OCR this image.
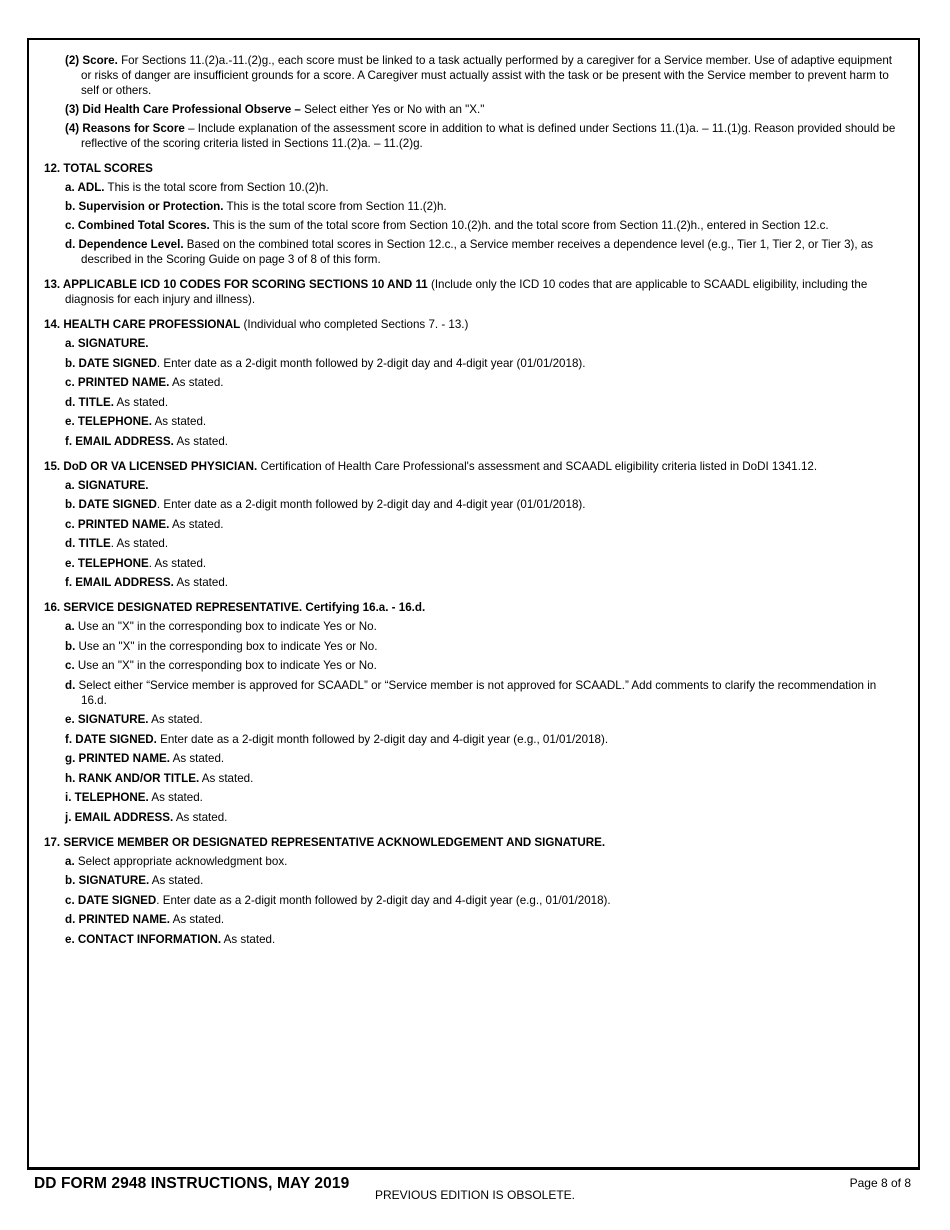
(2) Score. For Sections 11.(2)a.-11.(2)g., each score must be linked to a task actually performed by a caregiver for a Service member. Use of adaptive equipment or risks of danger are insufficient grounds for a score. A Caregiver must actually assist with the task or be present with the Service member to prevent harm to self or others.
(3) Did Health Care Professional Observe – Select either Yes or No with an "X."
(4) Reasons for Score – Include explanation of the assessment score in addition to what is defined under Sections 11.(1)a. – 11.(1)g. Reason provided should be reflective of the scoring criteria listed in Sections 11.(2)a. – 11.(2)g.
12. TOTAL SCORES
a. ADL. This is the total score from Section 10.(2)h.
b. Supervision or Protection. This is the total score from Section 11.(2)h.
c. Combined Total Scores. This is the sum of the total score from Section 10.(2)h. and the total score from Section 11.(2)h., entered in Section 12.c.
d. Dependence Level. Based on the combined total scores in Section 12.c., a Service member receives a dependence level (e.g., Tier 1, Tier 2, or Tier 3), as described in the Scoring Guide on page 3 of 8 of this form.
13. APPLICABLE ICD 10 CODES FOR SCORING SECTIONS 10 AND 11 (Include only the ICD 10 codes that are applicable to SCAADL eligibility, including the diagnosis for each injury and illness).
14. HEALTH CARE PROFESSIONAL (Individual who completed Sections 7. - 13.)
a. SIGNATURE.
b. DATE SIGNED. Enter date as a 2-digit month followed by 2-digit day and 4-digit year (01/01/2018).
c. PRINTED NAME. As stated.
d. TITLE. As stated.
e. TELEPHONE. As stated.
f. EMAIL ADDRESS. As stated.
15. DoD OR VA LICENSED PHYSICIAN. Certification of Health Care Professional's assessment and SCAADL eligibility criteria listed in DoDI 1341.12.
a. SIGNATURE.
b. DATE SIGNED. Enter date as a 2-digit month followed by 2-digit day and 4-digit year (01/01/2018).
c. PRINTED NAME. As stated.
d. TITLE. As stated.
e. TELEPHONE. As stated.
f. EMAIL ADDRESS. As stated.
16. SERVICE DESIGNATED REPRESENTATIVE. Certifying 16.a. - 16.d.
a. Use an "X" in the corresponding box to indicate Yes or No.
b. Use an "X" in the corresponding box to indicate Yes or No.
c. Use an "X" in the corresponding box to indicate Yes or No.
d. Select either “Service member is approved for SCAADL” or “Service member is not approved for SCAADL.” Add comments to clarify the recommendation in 16.d.
e. SIGNATURE. As stated.
f. DATE SIGNED. Enter date as a 2-digit month followed by 2-digit day and 4-digit year (e.g., 01/01/2018).
g. PRINTED NAME. As stated.
h. RANK AND/OR TITLE. As stated.
i. TELEPHONE. As stated.
j. EMAIL ADDRESS. As stated.
17. SERVICE MEMBER OR DESIGNATED REPRESENTATIVE ACKNOWLEDGEMENT AND SIGNATURE.
a. Select appropriate acknowledgment box.
b. SIGNATURE. As stated.
c. DATE SIGNED. Enter date as a 2-digit month followed by 2-digit day and 4-digit year (e.g., 01/01/2018).
d. PRINTED NAME. As stated.
e. CONTACT INFORMATION. As stated.
DD FORM 2948 INSTRUCTIONS, MAY 2019
PREVIOUS EDITION IS OBSOLETE.
Page 8 of 8
